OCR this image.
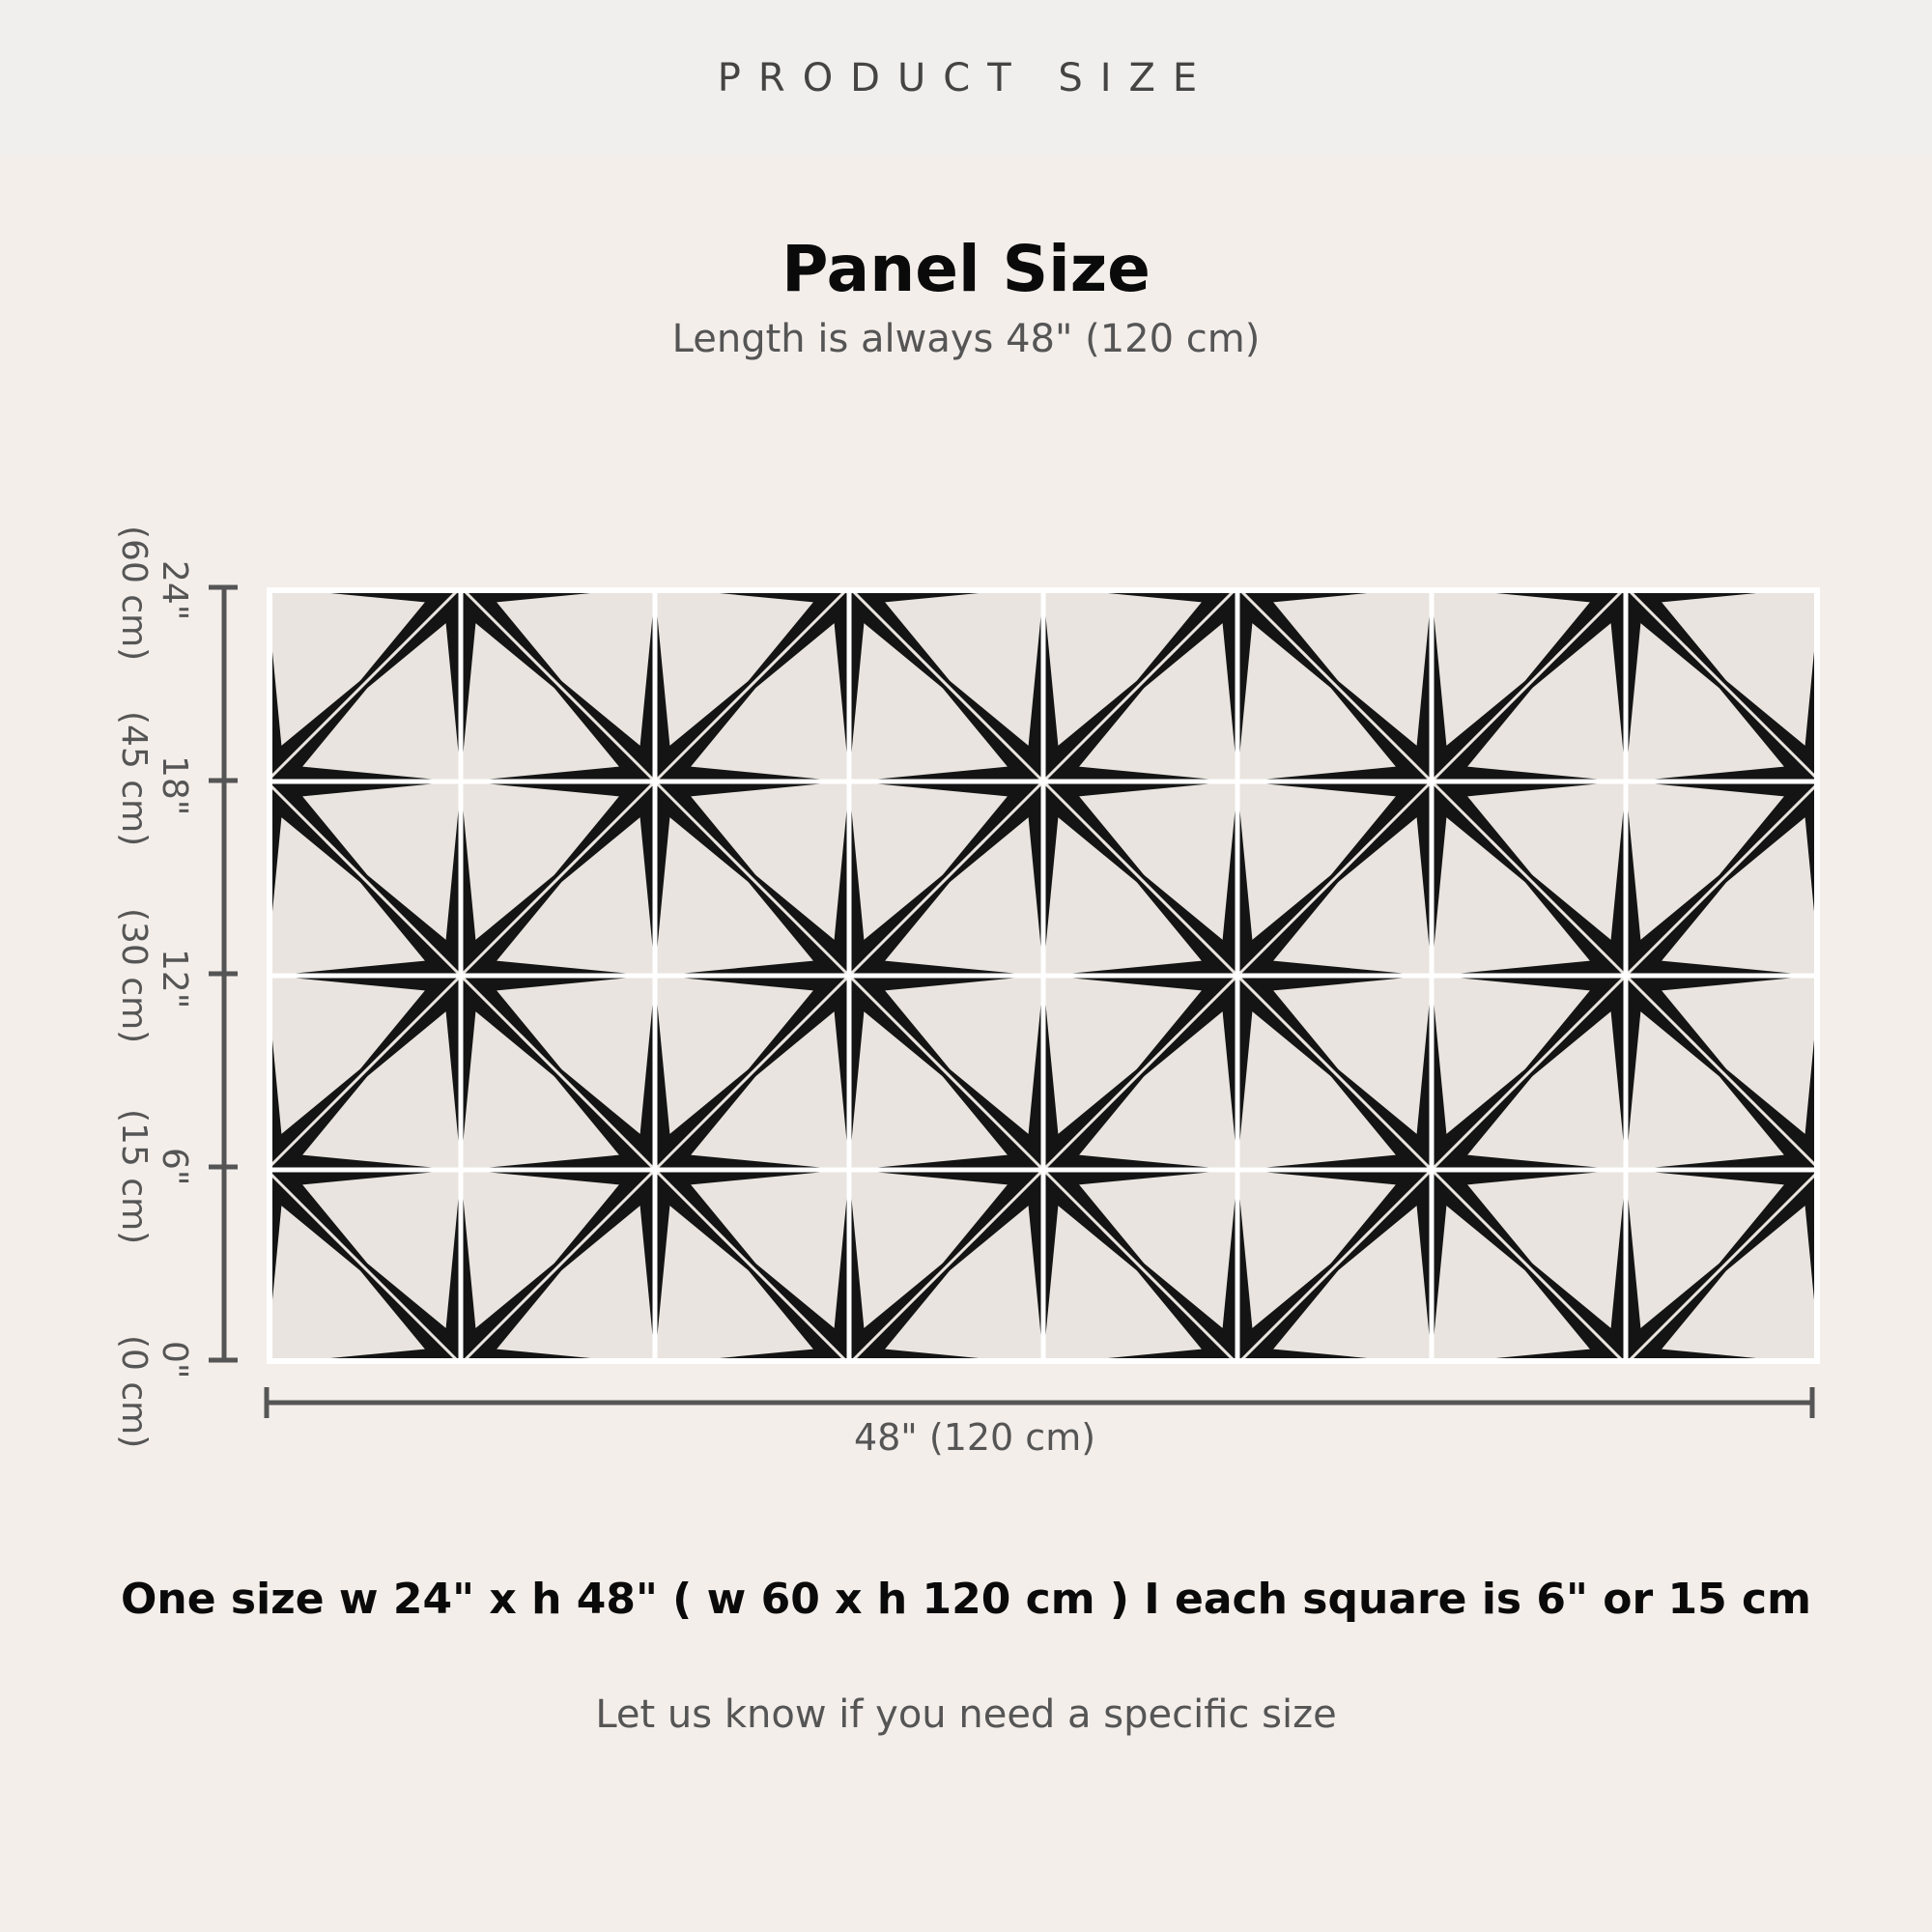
PRODUCT SIZE
Panel Size
Length is always 48" (120 cm)
24"
(60 cm)
18"
(45 cm)
12"
(30 cm)
6"
(15 cm)
0"
(0 cm)	48" (120 cm)
One size w 24" x h 48" ( w 60 x h 120 cm ) I each square is 6" or 15 cm
Let us know if you need a specific size
